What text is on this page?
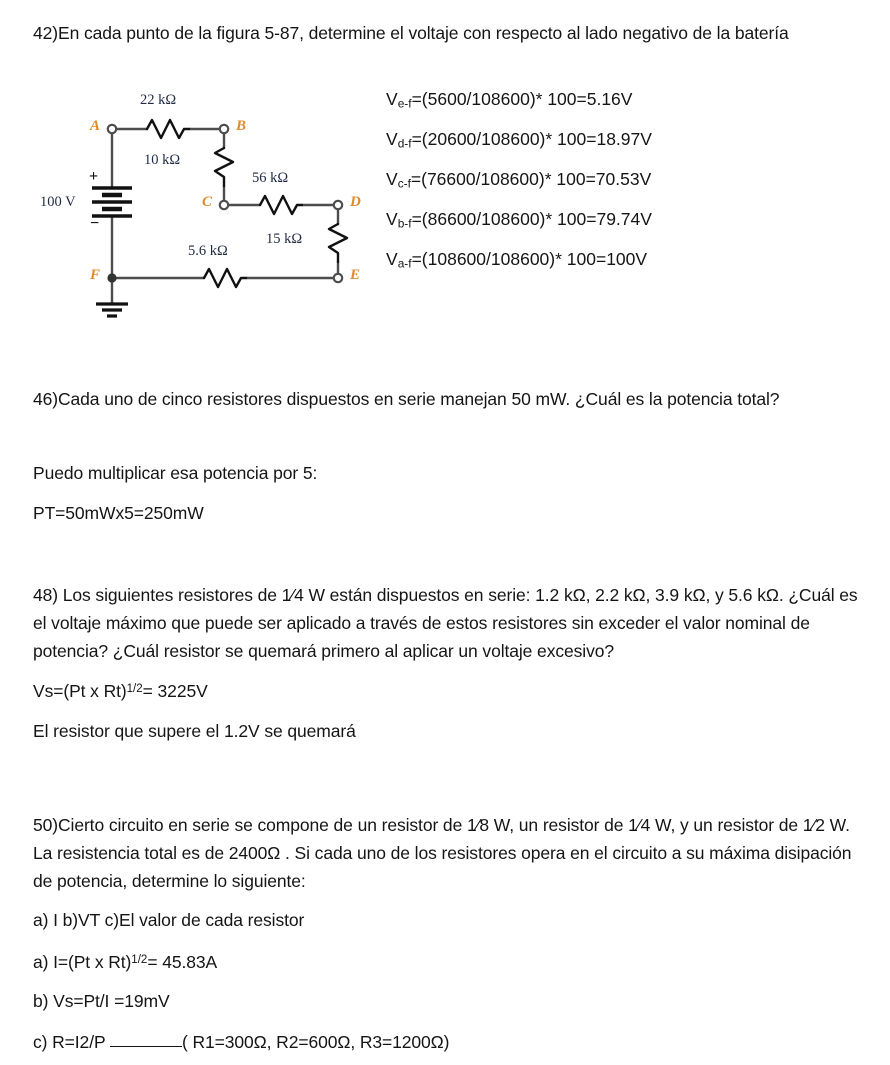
42)En cada punto de la figura 5-87, determine el voltaje con respecto al lado negativo de la batería
A	B
C	D
E
F
22 kΩ
10 kΩ
56 kΩ
15 kΩ
5.6 kΩ
100 V
+
−
$V_{e-f}=(5600/108600)*$ 100=5.16V
$V_{d-f}=(20600/108600)*$ 100=18.97V
$V_{c-f}=(76600/108600)*$ 100=70.53V
$V_{b-f}=(86600/108600)*$ 100=79.74V
$V_{a-f}=(108600/108600)*$ 100=100V
46)Cada uno de cinco resistores dispuestos en serie manejan 50 mW. ¿Cuál es la potencia total?
Puedo multiplicar esa potencia por 5:
PT=50mWx5=250mW
48) Los siguientes resistores de 1⁄4 W están dispuestos en serie: 1.2 kΩ, 2.2 kΩ, 3.9 kΩ, y 5.6 kΩ. ¿Cuál es el voltaje máximo que puede ser aplicado a través de estos resistores sin exceder el valor nominal de potencia? ¿Cuál resistor se quemará primero al aplicar un voltaje excesivo?
Vs=(Pt x Rt)$^{1/2}$= 3225V
El resistor que supere el 1.2V se quemará
50)Cierto circuito en serie se compone de un resistor de 1⁄8 W, un resistor de 1⁄4 W, y un resistor de 1⁄2 W. La resistencia total es de 2400Ω . Si cada uno de los resistores opera en el circuito a su máxima disipación de potencia, determine lo siguiente:
a) I b)VT c)El valor de cada resistor
a) I=(Pt x Rt)$^{1/2}$= 45.83A
b) Vs=Pt/I =19mV
c) R=I2/P	( R1=300Ω, R2=600Ω, R3=1200Ω)
